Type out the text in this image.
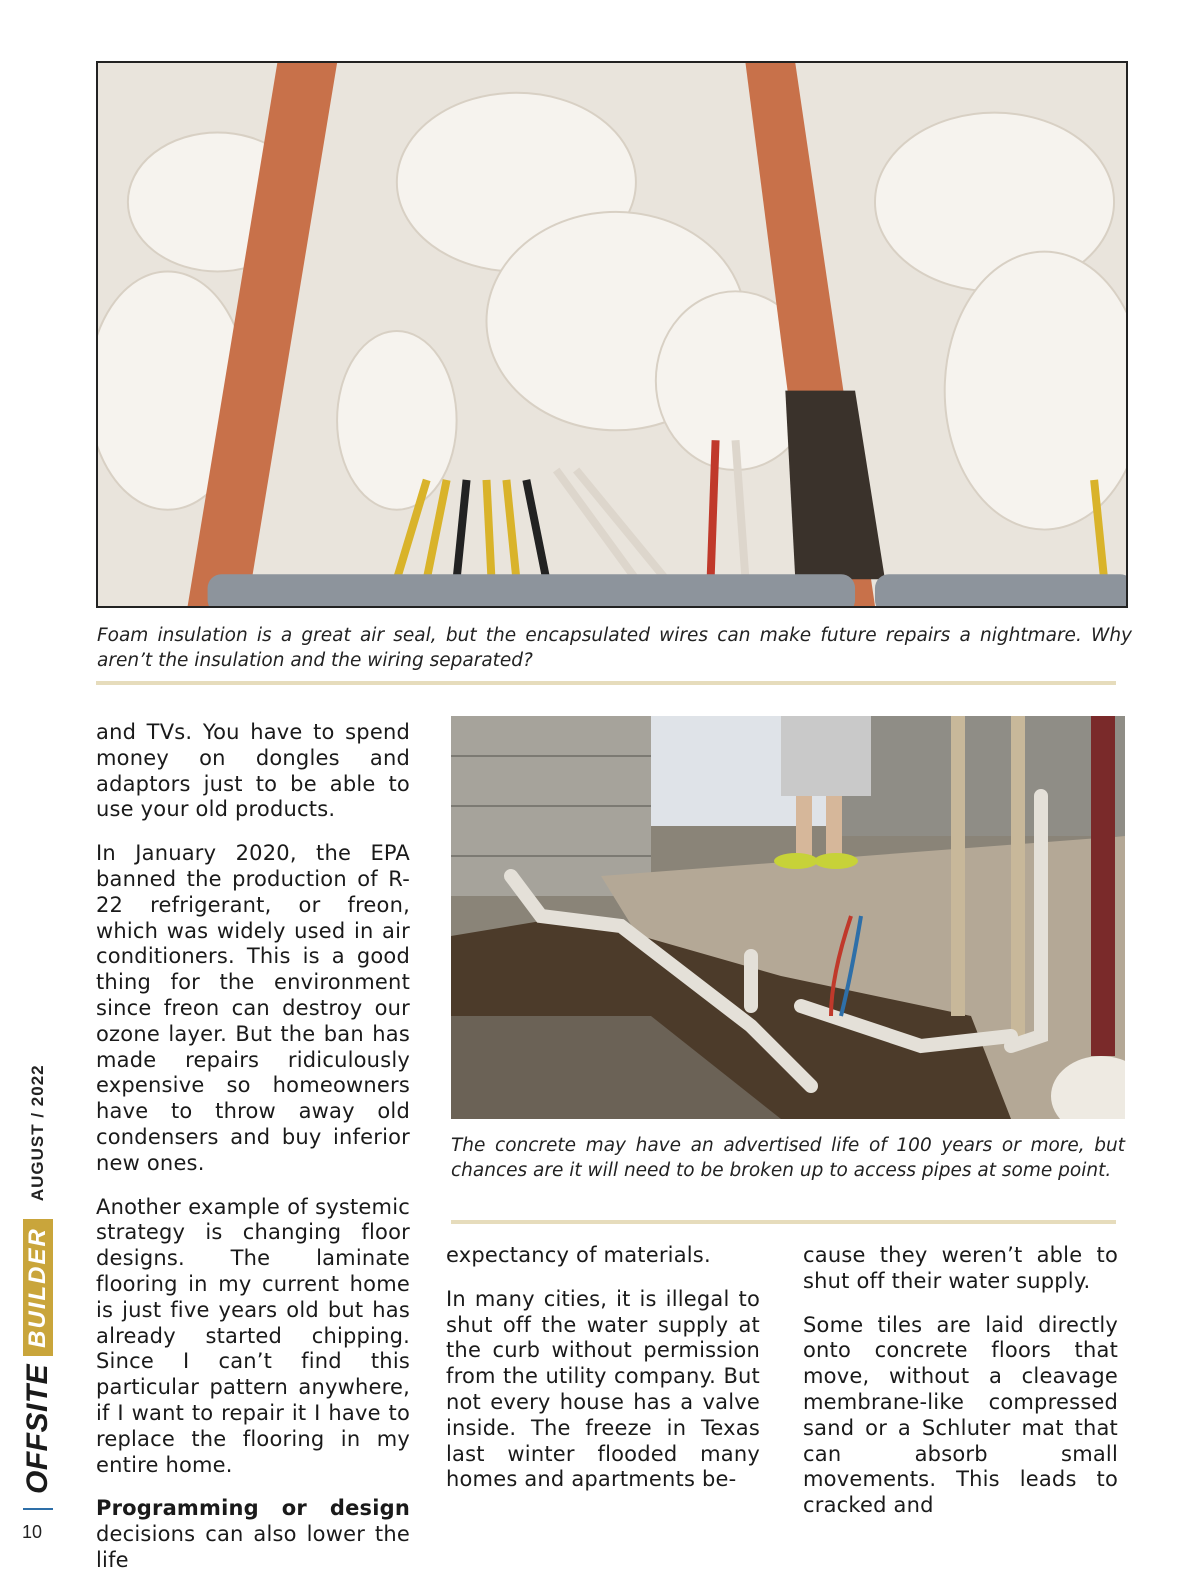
Foam insulation is a great air seal, but the encapsulated wires can make future repairs a nightmare. Why aren’t the insulation and the wiring separated?

The concrete may have an advertised life of 100 years or more, but chances are it will need to be broken up to access pipes at some point.

and TVs. You have to spend money on dongles and adaptors just to be able to use your old products.

In January 2020, the EPA banned the production of R-22 refrigerant, or freon, which was widely used in air conditioners. This is a good thing for the environment since freon can destroy our ozone layer. But the ban has made repairs ridiculously expensive so homeowners have to throw away old condensers and buy inferior new ones.

Another example of systemic strategy is changing floor designs. The laminate flooring in my current home is just five years old but has already started chipping. Since I can’t find this particular pattern anywhere, if I want to repair it I have to replace the flooring in my entire home.

Programming or design decisions can also lower the life

expectancy of materials.

In many cities, it is illegal to shut off the water supply at the curb without permission from the utility company. But not every house has a valve inside. The freeze in Texas last winter flooded many homes and apartments be-

cause they weren’t able to shut off their water supply.

Some tiles are laid directly onto concrete floors that move, without a cleavage membrane-like compressed sand or a Schluter mat that can absorb small movements. This leads to cracked and

OFFSITE
BUILDER
AUGUST / 2022
10
